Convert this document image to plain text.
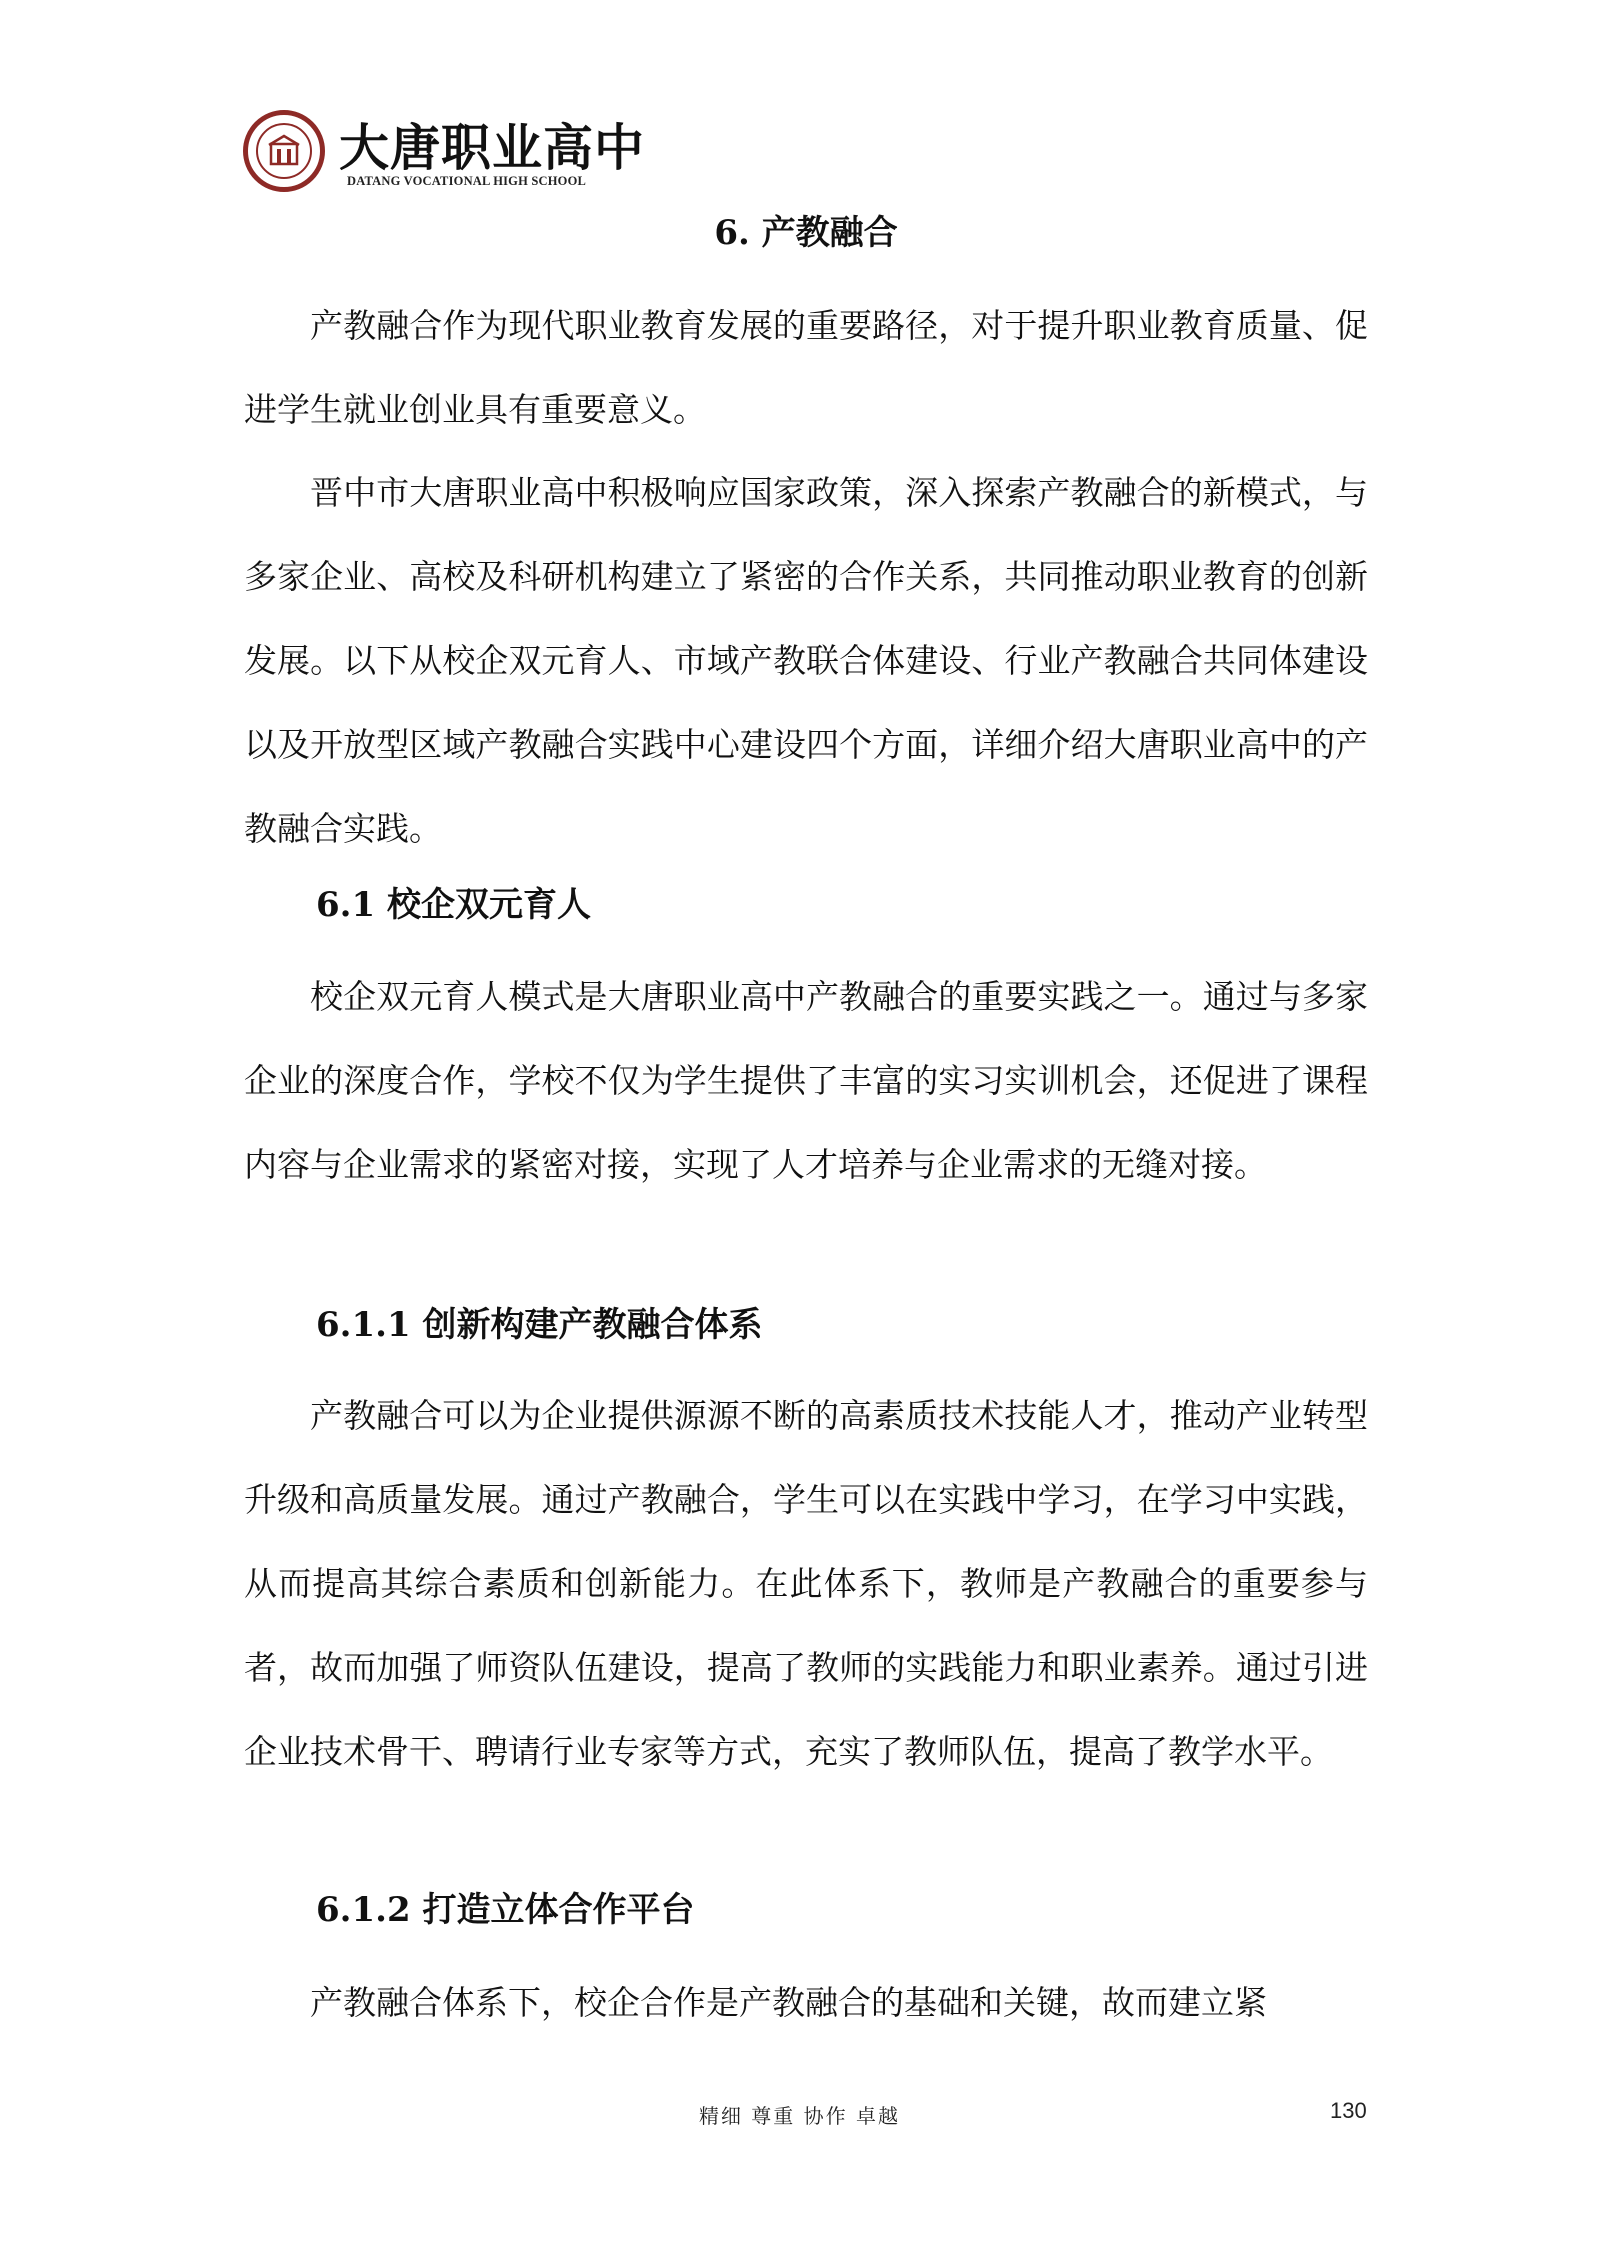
大唐职业高中
DATANG VOCATIONAL HIGH SCHOOL
6. 产教融合

产教融合作为现代职业教育发展的重要路径，对于提升职业教育质量、促进学生就业创业具有重要意义。

晋中市大唐职业高中积极响应国家政策，深入探索产教融合的新模式，与多家企业、高校及科研机构建立了紧密的合作关系，共同推动职业教育的创新发展。以下从校企双元育人、市域产教联合体建设、行业产教融合共同体建设以及开放型区域产教融合实践中心建设四个方面，详细介绍大唐职业高中的产教融合实践。

6.1 校企双元育人

校企双元育人模式是大唐职业高中产教融合的重要实践之一。通过与多家企业的深度合作，学校不仅为学生提供了丰富的实习实训机会，还促进了课程内容与企业需求的紧密对接，实现了人才培养与企业需求的无缝对接。

6.1.1 创新构建产教融合体系

产教融合可以为企业提供源源不断的高素质技术技能人才，推动产业转型升级和高质量发展。通过产教融合，学生可以在实践中学习，在学习中实践，从而提高其综合素质和创新能力。在此体系下，教师是产教融合的重要参与者，故而加强了师资队伍建设，提高了教师的实践能力和职业素养。通过引进企业技术骨干、聘请行业专家等方式，充实了教师队伍，提高了教学水平。

6.1.2 打造立体合作平台

产教融合体系下，校企合作是产教融合的基础和关键，故而建立紧

精细 尊重 协作 卓越	130
